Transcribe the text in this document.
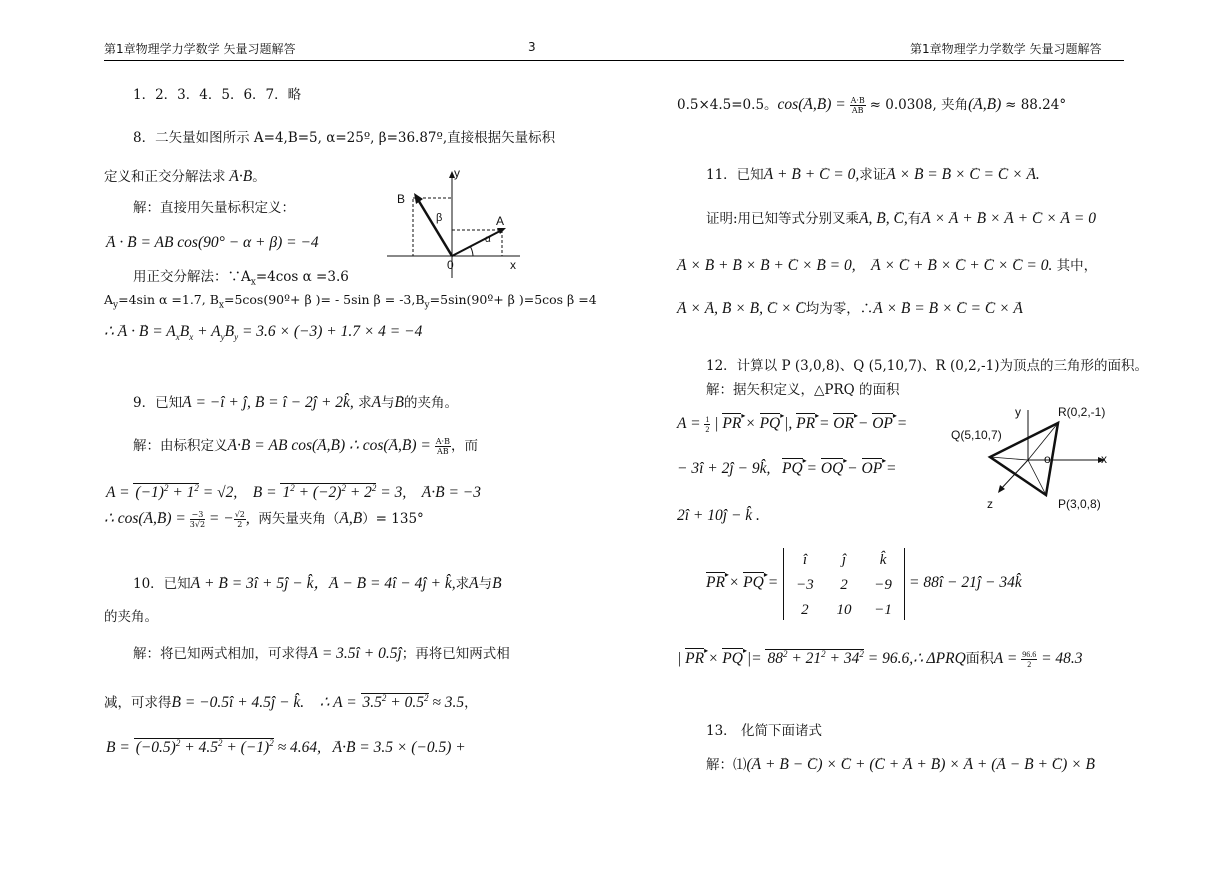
第1章物理学力学数学 矢量习题解答	3	第1章物理学力学数学 矢量习题解答
1．2．3．4．5．6．7．略
8．二矢量如图所示 A=4,B=5, α=25º, β=36.87º,直接根据矢量标积
定义和正交分解法求 → A·→ B。
解：直接用矢量标积定义：
→ A · → B = AB cos(90° − α + β) = −4
用正交分解法：$\because A_x=4\cos$ α =3.6
$A_y=4\sin$ α =1.7, $B_x=5\cos(90º+ \beta$ )= - 5sin $\beta = -3,B_y=5\sin(90º+ \beta$ )=5cos β =4
∴ → A · → $B = A_xB_x + A_yB_y = 3.6 \times (-3) + 1.7 \times 4 = -4$
9．已知→ A = −î + ĵ, → B = î − 2ĵ + 2k̂, 求→ A与→ B的夹角。
解：由标积定义→ A·→ B = AB cos(→ A,→ B) ∴ $\cos(\to A,\to B) = \frac{A\cdot B}{AB}$ ，而
$A = (-1)^2 + 1^2 = √2$,    $B = 1^2 + (-2)^2 + 2^2 = 3$,    → A·→ B = −3
∴ $\cos(\to A,\to B) = \frac{-3}{3√2}$ = − $\frac{√2}{2}$ ,  两矢量夹角（→ A,→ B）= 135°
10．已知→ A + → B = 3î + 5ĵ − k̂，→ A − → B = 4î − 4ĵ + k̂,求→ A与→ B
的夹角。
解：将已知两式相加，可求得→ A = 3.5î + 0.5ĵ；再将已知两式相
减，可求得→ B = −0.5î + 4.5ĵ − k̂.    ∴ $A = 3.5^2 + 0.5^2 \approx 3.5$，
$B = (-0.5)^2 + 4.5^2 + (-1)^2 \approx 4.64$,   → A·→ B = 3.5 × (−0.5) +
B
A
y
x
0
β
α
0.5×4.5=0.5。$\cos(\to A,\to B) = \frac{A\cdot B}{AB} \approx 0.0308$, 夹角(→ A,→ B) ≈ 88.24°
11．已知→ A + → B + → C = 0,求证→ A × → B = → B × → C = → C × → A.
证明:用已知等式分别叉乘→ A, → B, → C,有→ A × → A + → B × → A + → C × → A = 0
→ A × → B + → B × → B + → C × → B = 0,    → A × → C + → B × → C + → C × → C = 0. 其中，
→ A × → A, → B × → B, → C × → C均为零，∴→ A × → B = → B × → C = → C × → A
12．计算以 P (3,0,8)、Q (5,10,7)、R (0,2,-1)为顶点的三角形的面积。
解：据矢积定义，△PRQ 的面积
$A = \frac{1}{2}$ | PR ▸ × PQ ▸ |, PR ▸ = OR ▸ − OP ▸ =
− 3î + 2ĵ − 9k̂,   PQ ▸ = OQ ▸ − OP ▸ =
2î + 10ĵ − k̂ .
PR ▸ × PQ ▸ =
î	ĵ	k̂
−3	2	−9
2	10	−1
= 88î − 21ĵ − 34k̂
| PR ▸ × PQ ▸ |= $88^2 + 21^2 + 34^2$ = 96.6,∴ ΔPRQ面积$A = \frac{96.6}{2} = 48.3$
13． 化简下面诸式
解：⑴(→ A + → B − → C) × → C + (→ C + → A + → B) × → A + (→ A − → B + → C) × → B
y	R(0,2,-1)
Q(5,10,7)
o	x
z	P(3,0,8)
